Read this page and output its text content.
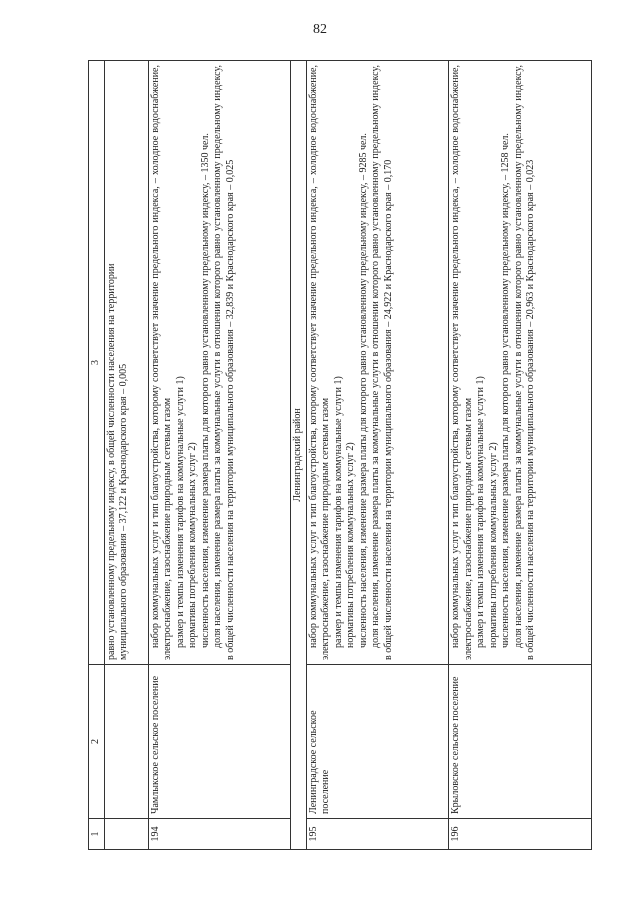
82
1	2	3

		равно установленному предельному индексу, в общей численности населения на территории муниципального образования – 37,122 и Краснодарского края – 0,005

194	Чамлыкское сельское поселение	набор коммунальных услуг и тип благоустройства, которому соответствует значение предельного индекса, – холодное водоснабжение, электроснабжение, газоснабжение природным сетевым газом размер и темпы изменения тарифов на коммунальные услуги 1) нормативы потребления коммунальных услуг 2) численность населения, изменение размера платы для которого равно установленному предельному индексу, – 1350 чел. доля населения, изменение размера платы за коммунальные услуги в отношении которого равно установленному предельному индексу, в общей численности населения на территории муниципального образования – 32,839 и Краснодарского края – 0,025

Ленинградский район		
195	Ленинградское сельское поселение	набор коммунальных услуг и тип благоустройства, которому соответствует значение предельного индекса, – холодное водоснабжение, электроснабжение, газоснабжение природным сетевым газом размер и темпы изменения тарифов на коммунальные услуги 1) нормативы потребления коммунальных услуг 2) численность населения, изменение размера платы для которого равно установленному предельному индексу, – 9285 чел. доля населения, изменение размера платы за коммунальные услуги в отношении которого равно установленному предельному индексу, в общей численности населения на территории муниципального образования – 24,922 и Краснодарского края – 0,170

196	Крыловское сельское поселение	набор коммунальных услуг и тип благоустройства, которому соответствует значение предельного индекса, – холодное водоснабжение, электроснабжение, газоснабжение природным сетевым газом размер и темпы изменения тарифов на коммунальные услуги 1) нормативы потребления коммунальных услуг 2) численность населения, изменение размера платы для которого равно установленному предельному индексу, – 1258 чел. доля населения, изменение размера платы за коммунальные услуги в отношении которого равно установленному предельному индексу, в общей численности населения на территории муниципального образования – 20,963 и Краснодарского края – 0,023
